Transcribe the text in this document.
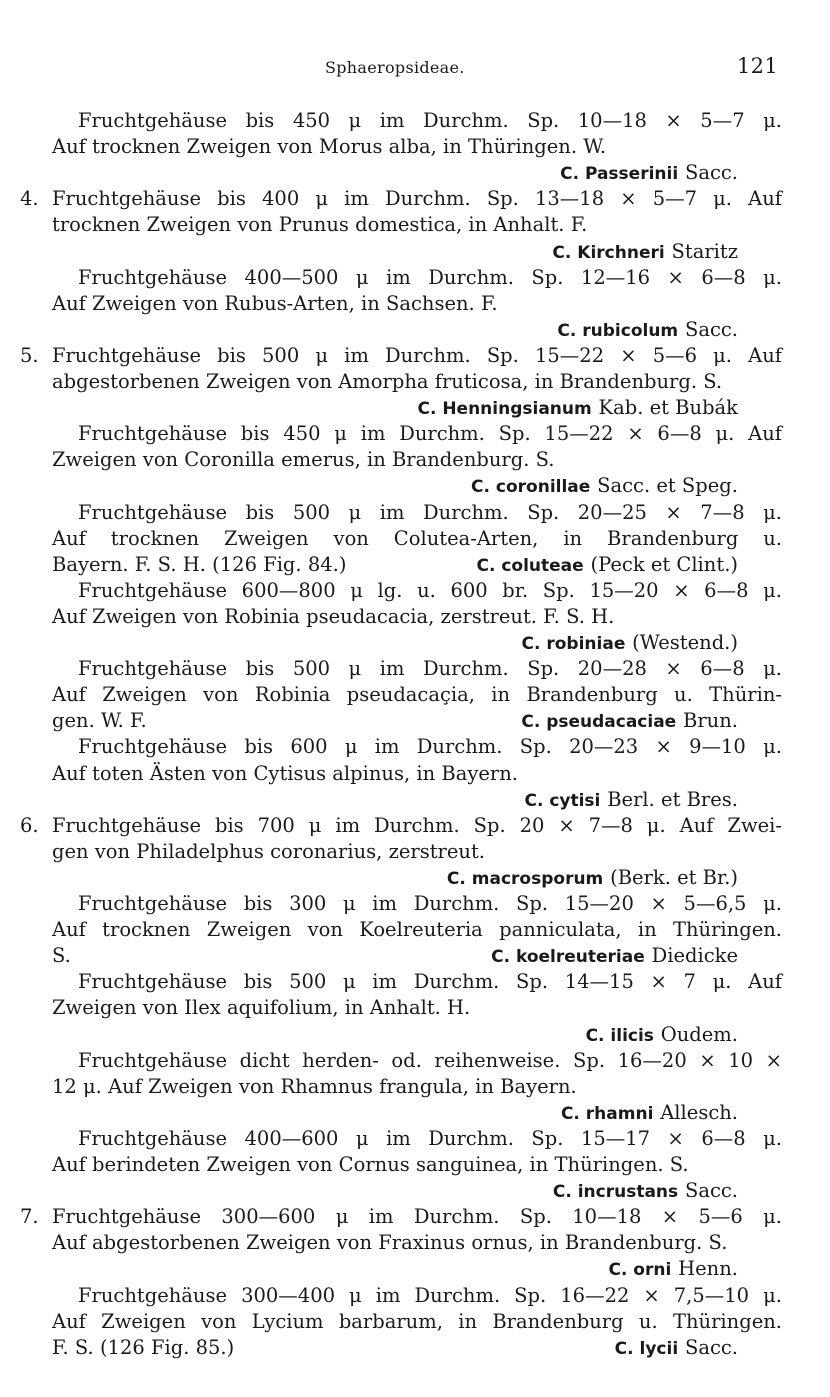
Sphaeropsideae.	121
Fruchtgehäuse bis 450 μ im Durchm. Sp. 10—18 × 5—7 μ.
Auf trocknen Zweigen von Morus alba, in Thüringen. W.
C. Passerinii Sacc.
Fruchtgehäuse bis 400 μ im Durchm. Sp. 13—18 × 5—7 μ. Auf
4.
trocknen Zweigen von Prunus domestica, in Anhalt. F.
C. Kirchneri Staritz
Fruchtgehäuse 400—500 μ im Durchm. Sp. 12—16 × 6—8 μ.
Auf Zweigen von Rubus-Arten, in Sachsen. F.
C. rubicolum Sacc.
Fruchtgehäuse bis 500 μ im Durchm. Sp. 15—22 × 5—6 μ. Auf
5.
abgestorbenen Zweigen von Amorpha fruticosa, in Brandenburg. S.
C. Henningsianum Kab. et Bubák
Fruchtgehäuse bis 450 μ im Durchm. Sp. 15—22 × 6—8 μ. Auf
Zweigen von Coronilla emerus, in Brandenburg. S.
C. coronillae Sacc. et Speg.
Fruchtgehäuse bis 500 μ im Durchm. Sp. 20—25 × 7—8 μ.
Auf trocknen Zweigen von Colutea-Arten, in Brandenburg u.
Bayern. F. S. H. (126 Fig. 84.)	C. coluteae (Peck et Clint.)
Fruchtgehäuse 600—800 μ lg. u. 600 br. Sp. 15—20 × 6—8 μ.
Auf Zweigen von Robinia pseudacacia, zerstreut. F. S. H.
C. robiniae (Westend.)
Fruchtgehäuse bis 500 μ im Durchm. Sp. 20—28 × 6—8 μ.
Auf Zweigen von Robinia pseudacaçia, in Brandenburg u. Thürin-
gen. W. F.	C. pseudacaciae Brun.
Fruchtgehäuse bis 600 μ im Durchm. Sp. 20—23 × 9—10 μ.
Auf toten Ästen von Cytisus alpinus, in Bayern.
C. cytisi Berl. et Bres.
Fruchtgehäuse bis 700 μ im Durchm. Sp. 20 × 7—8 μ. Auf Zwei-
6.
gen von Philadelphus coronarius, zerstreut.
C. macrosporum (Berk. et Br.)
Fruchtgehäuse bis 300 μ im Durchm. Sp. 15—20 × 5—6,5 μ.
Auf trocknen Zweigen von Koelreuteria panniculata, in Thüringen.
S.	C. koelreuteriae Diedicke
Fruchtgehäuse bis 500 μ im Durchm. Sp. 14—15 × 7 μ. Auf
Zweigen von Ilex aquifolium, in Anhalt. H.
C. ilicis Oudem.
Fruchtgehäuse dicht herden- od. reihenweise. Sp. 16—20 × 10 ×
12 μ. Auf Zweigen von Rhamnus frangula, in Bayern.
C. rhamni Allesch.
Fruchtgehäuse 400—600 μ im Durchm. Sp. 15—17 × 6—8 μ.
Auf berindeten Zweigen von Cornus sanguinea, in Thüringen. S.
C. incrustans Sacc.
Fruchtgehäuse 300—600 μ im Durchm. Sp. 10—18 × 5—6 μ.
7.
Auf abgestorbenen Zweigen von Fraxinus ornus, in Brandenburg. S.
C. orni Henn.
Fruchtgehäuse 300—400 μ im Durchm. Sp. 16—22 × 7,5—10 μ.
Auf Zweigen von Lycium barbarum, in Brandenburg u. Thüringen.
F. S. (126 Fig. 85.)	C. lycii Sacc.
